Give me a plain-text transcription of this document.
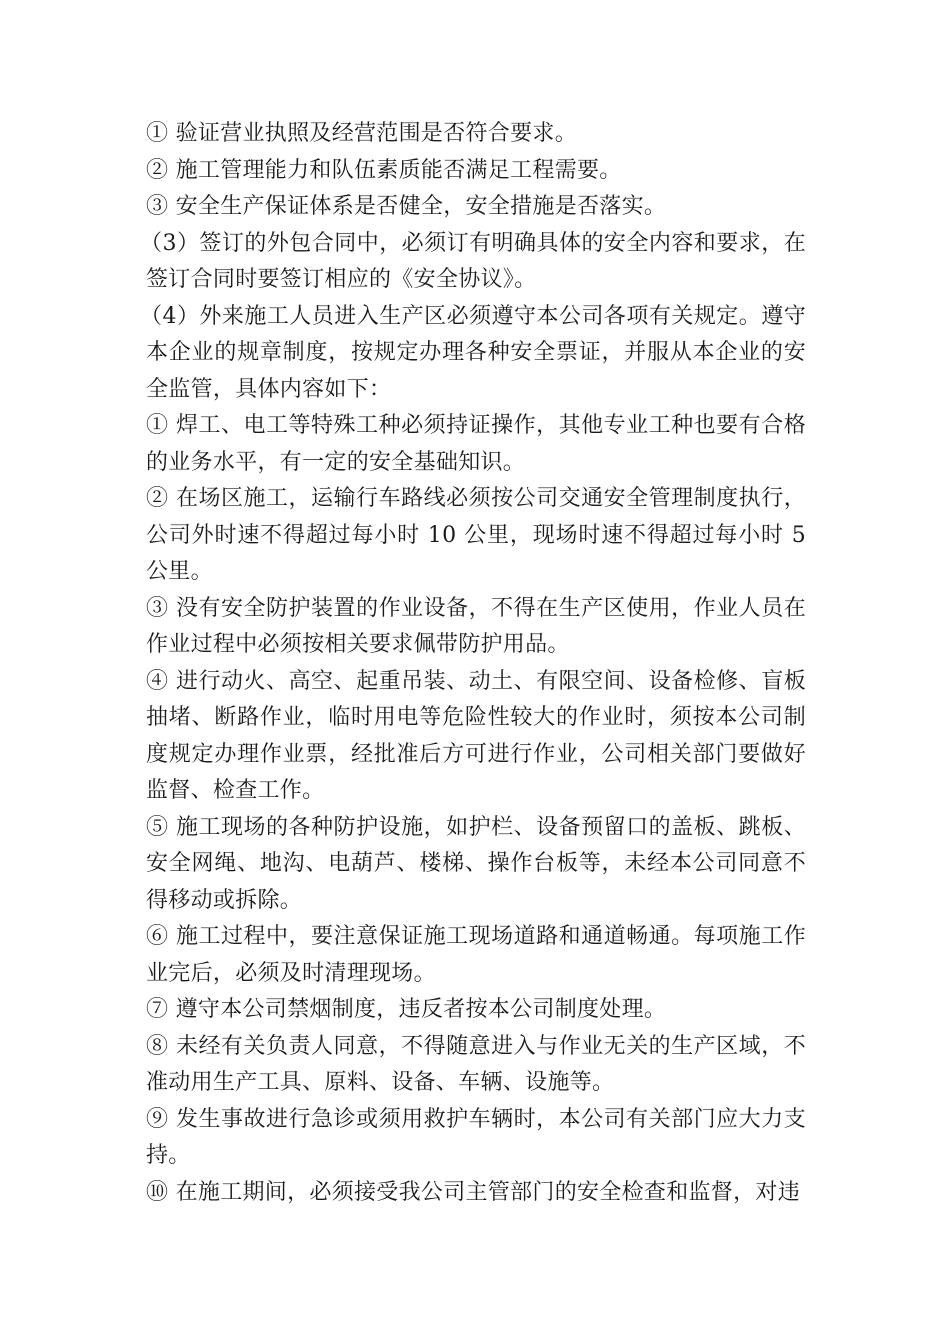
① 验证营业执照及经营范围是否符合要求。

② 施工管理能力和队伍素质能否满足工程需要。

③ 安全生产保证体系是否健全，安全措施是否落实。

（3）签订的外包合同中，必须订有明确具体的安全内容和要求，在签订合同时要签订相应的《安全协议》。

（4）外来施工人员进入生产区必须遵守本公司各项有关规定。遵守本企业的规章制度，按规定办理各种安全票证，并服从本企业的安全监管，具体内容如下：

① 焊工、电工等特殊工种必须持证操作，其他专业工种也要有合格的业务水平，有一定的安全基础知识。

② 在场区施工，运输行车路线必须按公司交通安全管理制度执行，公司外时速不得超过每小时 10 公里，现场时速不得超过每小时 5 公里。

③ 没有安全防护装置的作业设备，不得在生产区使用，作业人员在作业过程中必须按相关要求佩带防护用品。

④ 进行动火、高空、起重吊装、动土、有限空间、设备检修、盲板抽堵、断路作业，临时用电等危险性较大的作业时，须按本公司制度规定办理作业票，经批准后方可进行作业，公司相关部门要做好监督、检查工作。

⑤ 施工现场的各种防护设施，如护栏、设备预留口的盖板、跳板、安全网绳、地沟、电葫芦、楼梯、操作台板等，未经本公司同意不得移动或拆除。

⑥ 施工过程中，要注意保证施工现场道路和通道畅通。每项施工作业完后，必须及时清理现场。

⑦ 遵守本公司禁烟制度，违反者按本公司制度处理。

⑧ 未经有关负责人同意，不得随意进入与作业无关的生产区域，不准动用生产工具、原料、设备、车辆、设施等。

⑨ 发生事故进行急诊或须用救护车辆时，本公司有关部门应大力支持。

⑩ 在施工期间，必须接受我公司主管部门的安全检查和监督，对违
